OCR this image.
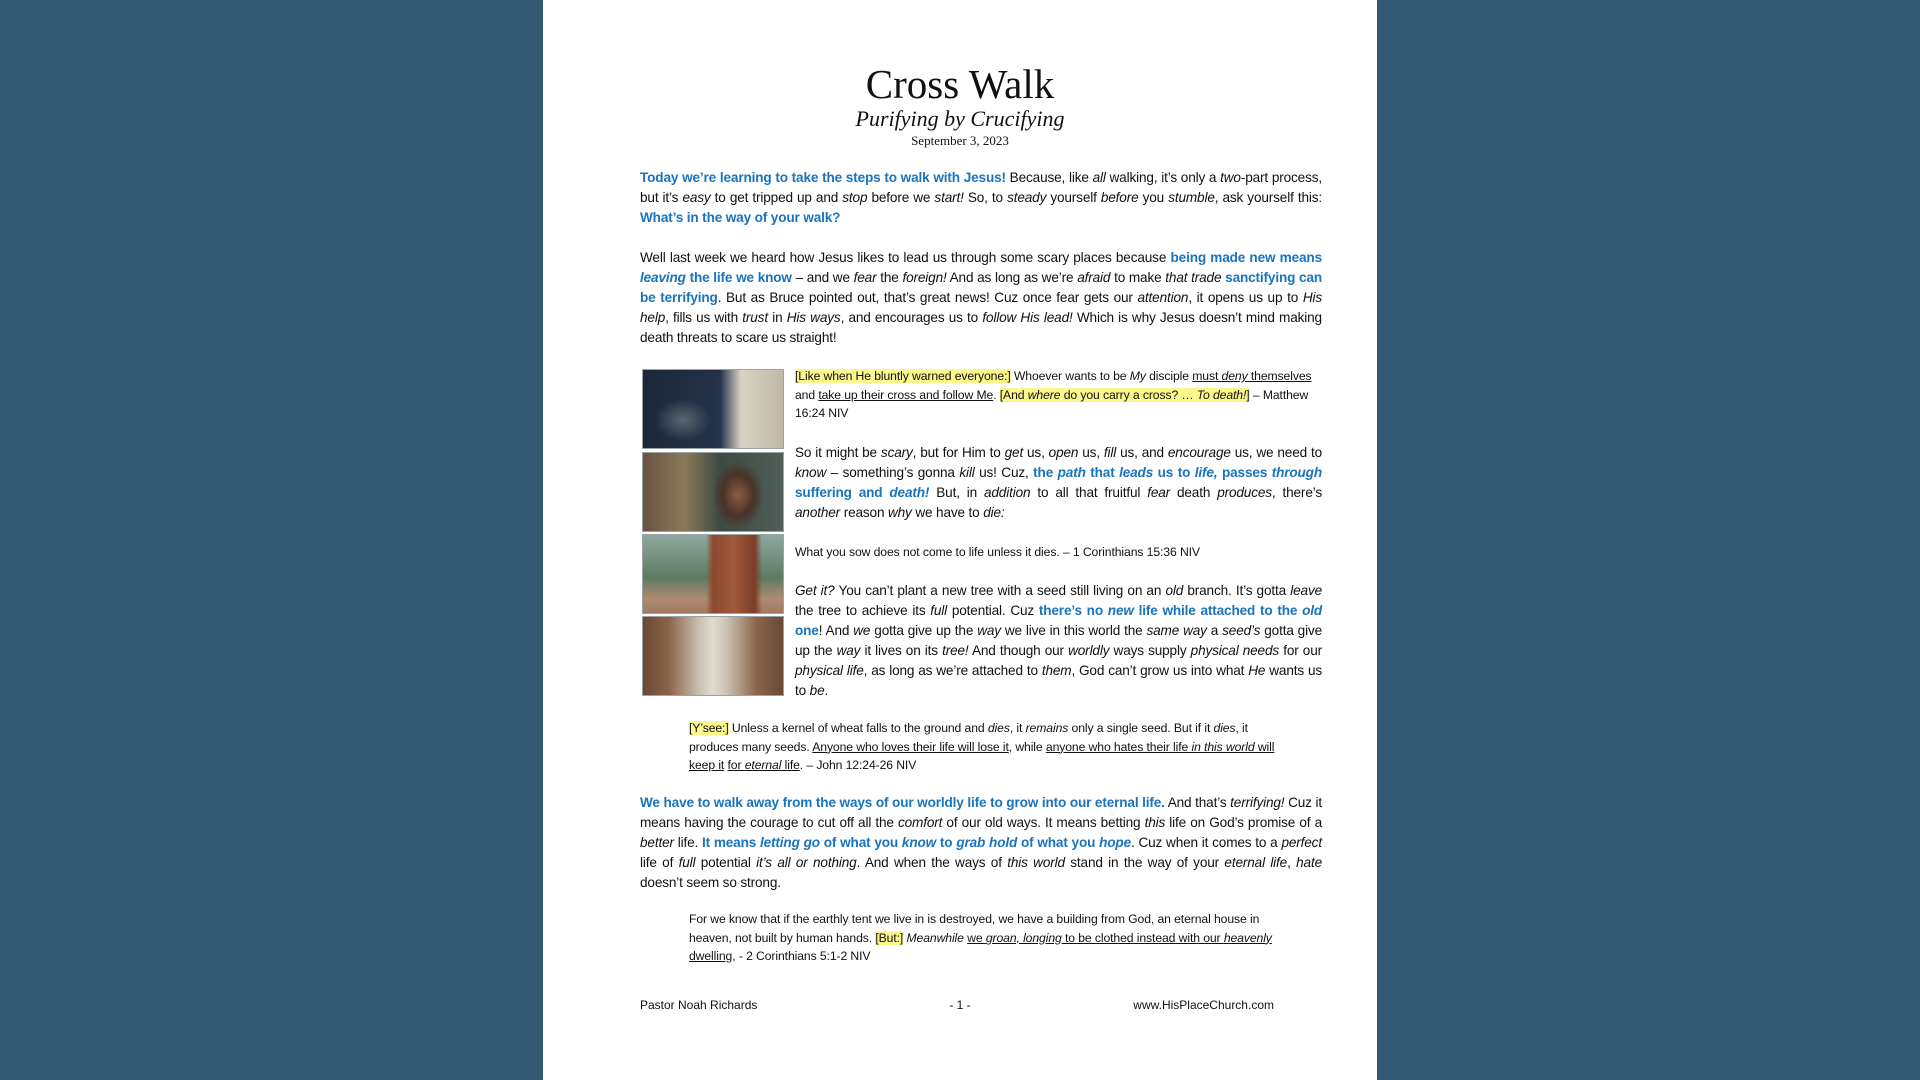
Cross Walk
Purifying by Crucifying
September 3, 2023
Today we’re learning to take the steps to walk with Jesus! Because, like all walking, it’s only a two-part process, but it’s easy to get tripped up and stop before we start! So, to steady yourself before you stumble, ask yourself this: What’s in the way of your walk?
Well last week we heard how Jesus likes to lead us through some scary places because being made new means leaving the life we know – and we fear the foreign! And as long as we’re afraid to make that trade sanctifying can be terrifying. But as Bruce pointed out, that’s great news! Cuz once fear gets our attention, it opens us up to His help, fills us with trust in His ways, and encourages us to follow His lead! Which is why Jesus doesn’t mind making death threats to scare us straight!
[Like when He bluntly warned everyone:] Whoever wants to be My disciple must deny themselves and take up their cross and follow Me. [And where do you carry a cross? … To death!] – Matthew 16:24 NIV
So it might be scary, but for Him to get us, open us, fill us, and encourage us, we need to know – something’s gonna kill us! Cuz, the path that leads us to life, passes through suffering and death! But, in addition to all that fruitful fear death produces, there’s another reason why we have to die:
What you sow does not come to life unless it dies. – 1 Corinthians 15:36 NIV
Get it? You can’t plant a new tree with a seed still living on an old branch. It’s gotta leave the tree to achieve its full potential. Cuz there’s no new life while attached to the old one! And we gotta give up the way we live in this world the same way a seed’s gotta give up the way it lives on its tree! And though our worldly ways supply physical needs for our physical life, as long as we’re attached to them, God can’t grow us into what He wants us to be.
[Y’see:] Unless a kernel of wheat falls to the ground and dies, it remains only a single seed. But if it dies, it produces many seeds. Anyone who loves their life will lose it, while anyone who hates their life in this world will keep it for eternal life. – John 12:24-26 NIV
We have to walk away from the ways of our worldly life to grow into our eternal life. And that’s terrifying! Cuz it means having the courage to cut off all the comfort of our old ways. It means betting this life on God’s promise of a better life. It means letting go of what you know to grab hold of what you hope. Cuz when it comes to a perfect life of full potential it’s all or nothing. And when the ways of this world stand in the way of your eternal life, hate doesn’t seem so strong.
For we know that if the earthly tent we live in is destroyed, we have a building from God, an eternal house in heaven, not built by human hands. [But:] Meanwhile we groan, longing to be clothed instead with our heavenly dwelling, - 2 Corinthians 5:1-2 NIV
Pastor Noah Richards	- 1 -	www.HisPlaceChurch.com
